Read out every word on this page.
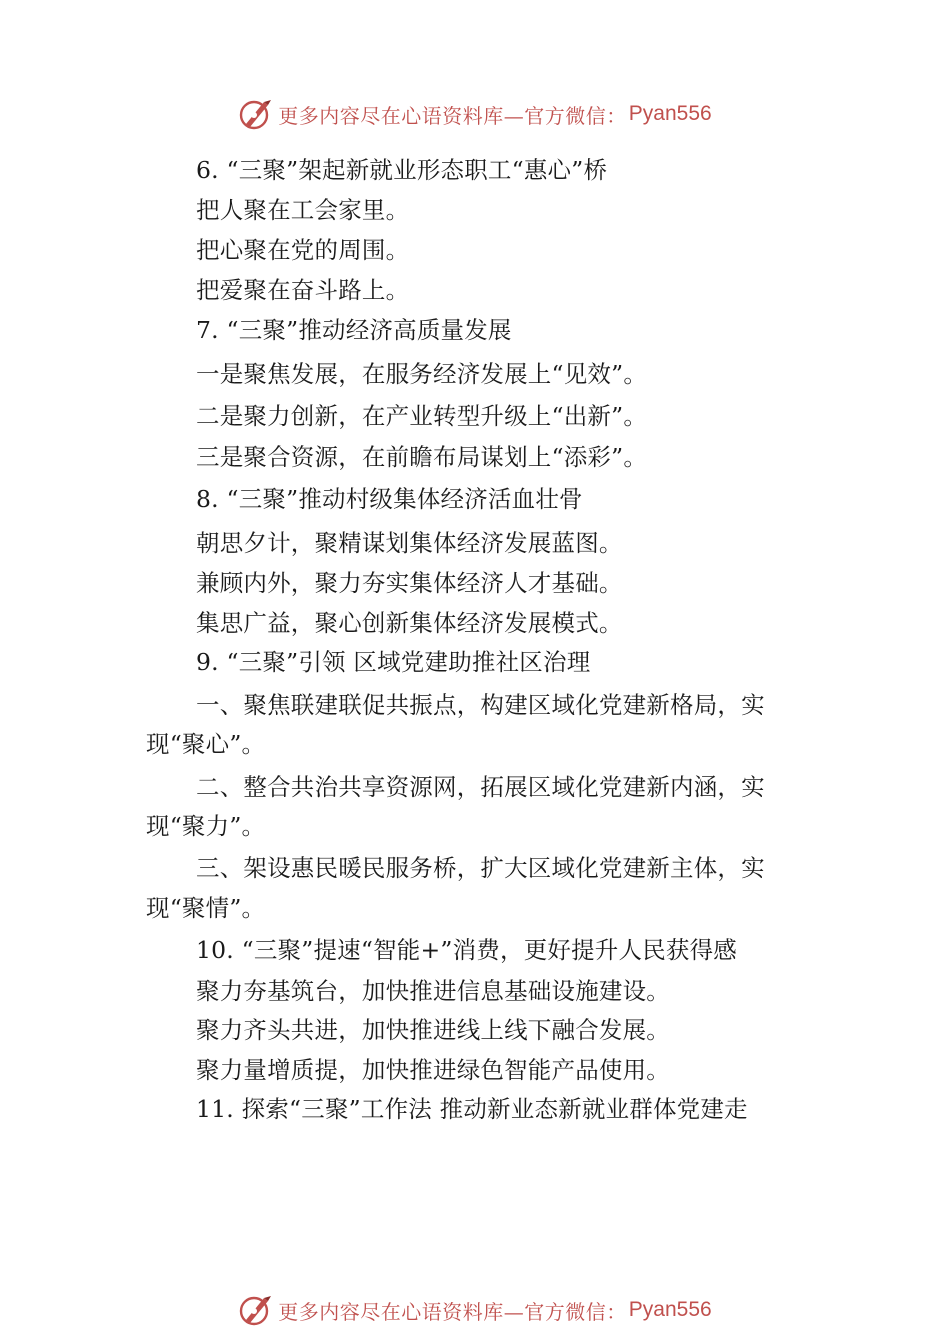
更多内容尽在心语资料库—官方微信： Pyan556
6. “三聚”架起新就业形态职工“惠心”桥
把人聚在工会家里。
把心聚在党的周围。
把爱聚在奋斗路上。
7. “三聚”推动经济高质量发展
一是聚焦发展，在服务经济发展上“见效”。
二是聚力创新，在产业转型升级上“出新”。
三是聚合资源，在前瞻布局谋划上“添彩”。
8. “三聚”推动村级集体经济活血壮骨
朝思夕计，聚精谋划集体经济发展蓝图。
兼顾内外，聚力夯实集体经济人才基础。
集思广益，聚心创新集体经济发展模式。
9. “三聚”引领 区域党建助推社区治理
一、聚焦联建联促共振点，构建区域化党建新格局，实
现“聚心”。
二、整合共治共享资源网，拓展区域化党建新内涵，实
现“聚力”。
三、架设惠民暖民服务桥，扩大区域化党建新主体，实
现“聚情”。
10. “三聚”提速“智能+”消费，更好提升人民获得感
聚力夯基筑台，加快推进信息基础设施建设。
聚力齐头共进，加快推进线上线下融合发展。
聚力量增质提，加快推进绿色智能产品使用。
11. 探索“三聚”工作法 推动新业态新就业群体党建走
更多内容尽在心语资料库—官方微信： Pyan556
